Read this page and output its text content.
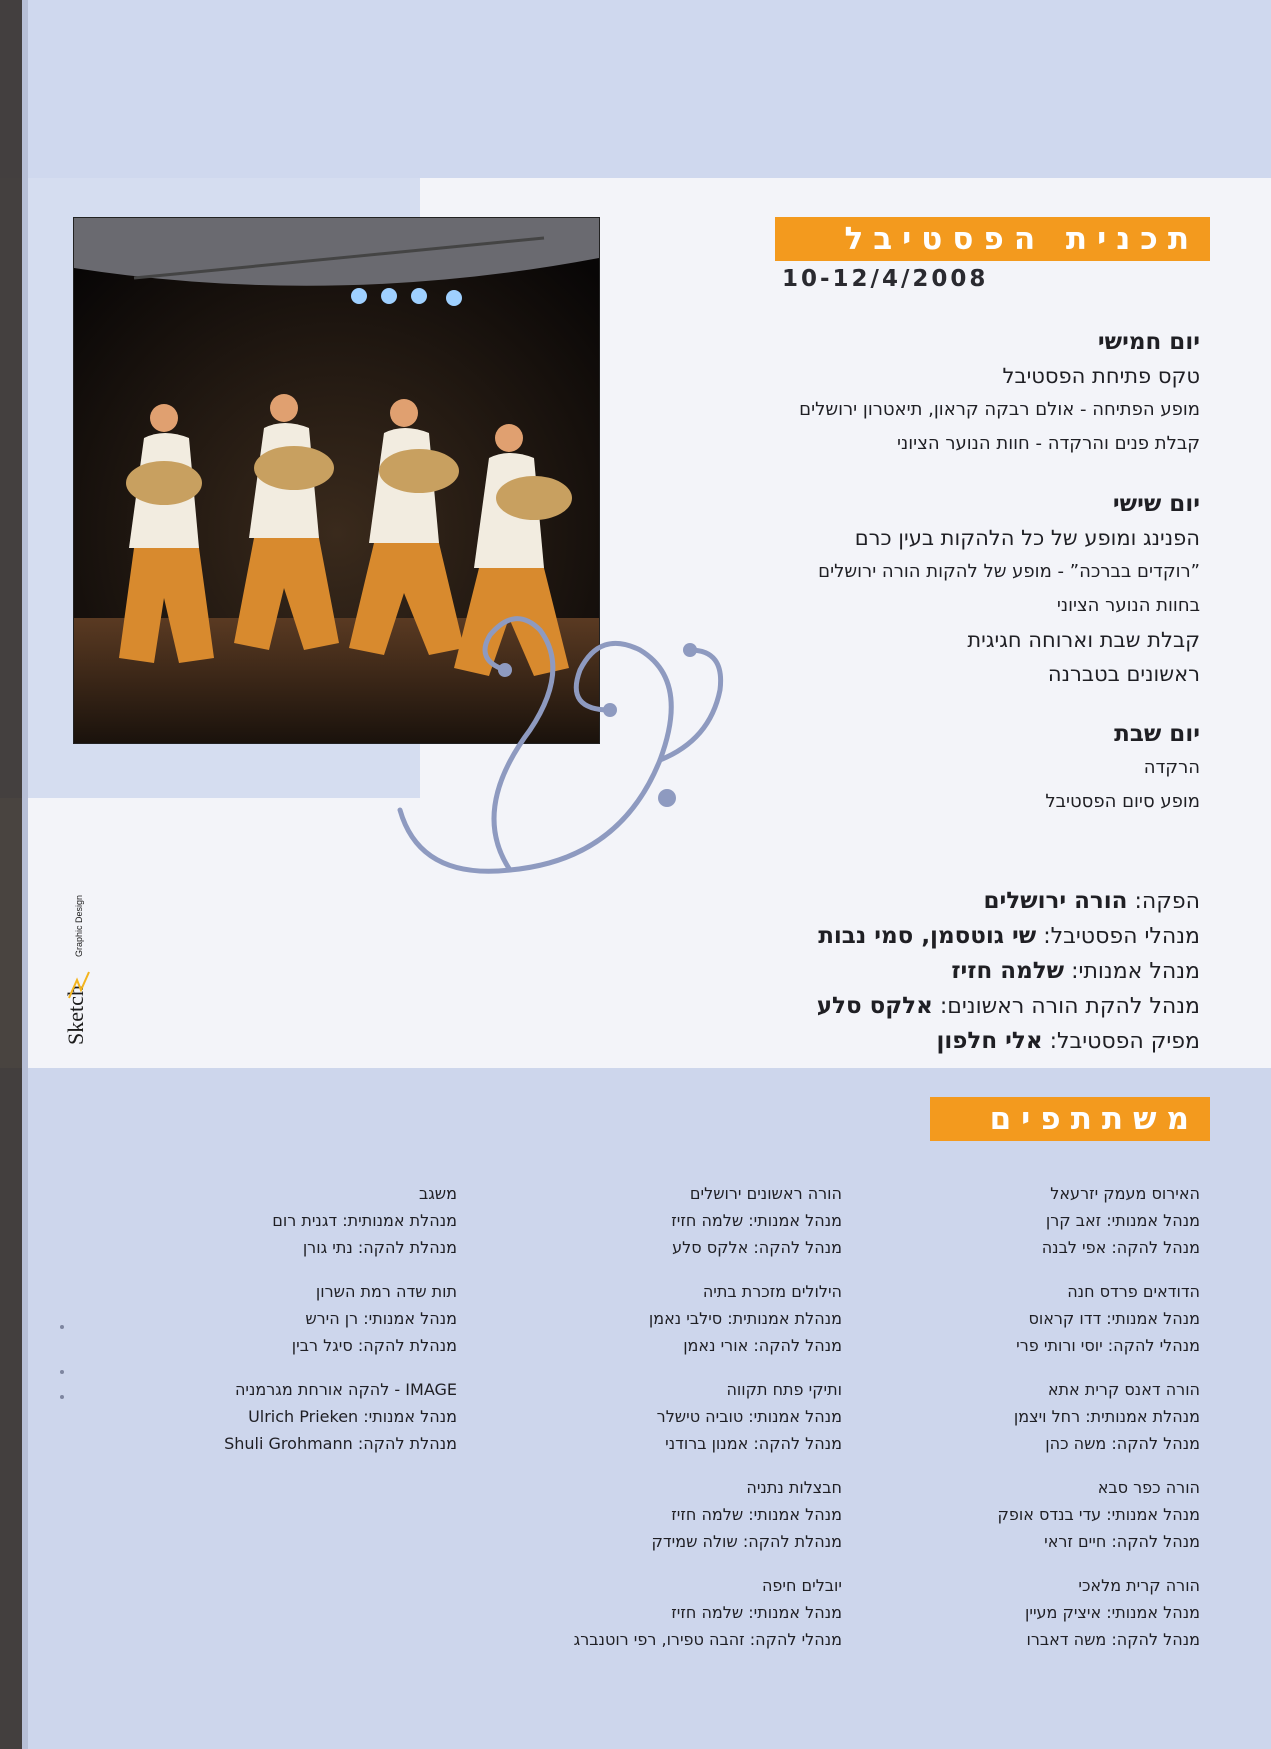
תכנית הפסטיבל
10-12/4/2008
יום חמישי
טקס פתיחת הפסטיבל
מופע הפתיחה - אולם רבקה קראון, תיאטרון ירושלים
קבלת פנים והרקדה - חוות הנוער הציוני
יום שישי
הפנינג ומופע של כל הלהקות בעין כרם
”רוקדים בברכה” - מופע של להקות הורה ירושלים
בחוות הנוער הציוני
קבלת שבת וארוחה חגיגית
ראשונים בטברנה
יום שבת
הרקדה
מופע סיום הפסטיבל
הפקה: הורה ירושלים
מנהלי הפסטיבל: שי גוטסמן, סמי נבות
מנהל אמנותי: שלמה חזיז
מנהל להקת הורה ראשונים: אלקס סלע
מפיק הפסטיבל: אלי חלפון
משתתפים
האירוס מעמק יזרעאל
מנהל אמנותי: זאב קרן
מנהל להקה: אפי לבנה
הדודאים פרדס חנה
מנהל אמנותי: דדו קראוס
מנהלי להקה: יוסי ורותי פרי
הורה דאנס קרית אתא
מנהלת אמנותית: רחל ויצמן
מנהל להקה: משה כהן
הורה כפר סבא
מנהל אמנותי: עדי בנדס אופק
מנהל להקה: חיים זראי
הורה קרית מלאכי
מנהל אמנותי: איציק מעיין
מנהל להקה: משה דאברו
הורה ראשונים ירושלים
מנהל אמנותי: שלמה חזיז
מנהל להקה: אלקס סלע
הילולים מזכרת בתיה
מנהלת אמנותית: סילבי נאמן
מנהל להקה: אורי נאמן
ותיקי פתח תקווה
מנהל אמנותי: טוביה טישלר
מנהל להקה: אמנון ברודני
חבצלות נתניה
מנהל אמנותי: שלמה חזיז
מנהלת להקה: שולה שמידק
יובלים חיפה
מנהל אמנותי: שלמה חזיז
מנהלי להקה: זהבה טפירו, רפי רוטנברג
משגב
מנהלת אמנותית: דגנית רום
מנהלת להקה: נתי גורן
תות שדה רמת השרון
מנהל אמנותי: רן הירש
מנהלת להקה: סיגל רבין
IMAGE - להקה אורחת מגרמניה
מנהל אמנותי: Ulrich Prieken
מנהלת להקה: Shuli Grohmann
Sketch
Graphic Design
